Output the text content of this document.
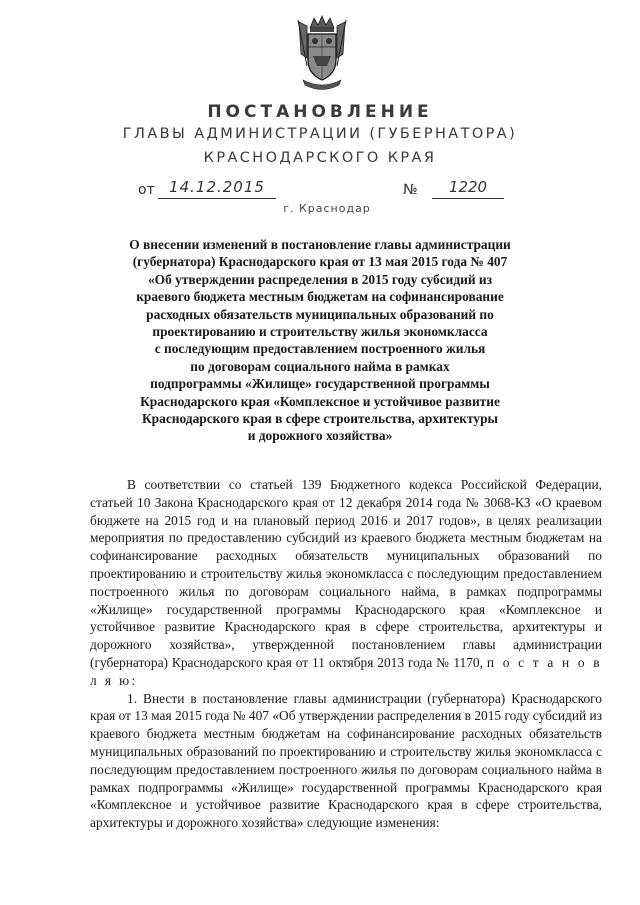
ПОСТАНОВЛЕНИЕ
ГЛАВЫ АДМИНИСТРАЦИИ (ГУБЕРНАТОРА)
КРАСНОДАРСКОГО КРАЯ
от 14.12.2015	№	1220
г. Краснодар
О внесении изменений в постановление главы администрации
(губернатора) Краснодарского края от 13 мая 2015 года № 407
«Об утверждении распределения в 2015 году субсидий из
краевого бюджета местным бюджетам на софинансирование
расходных обязательств муниципальных образований по
проектированию и строительству жилья экономкласса
с последующим предоставлением построенного жилья
по договорам социального найма в рамках
подпрограммы «Жилище» государственной программы
Краснодарского края «Комплексное и устойчивое развитие
Краснодарского края в сфере строительства, архитектуры
и дорожного хозяйства»

В соответствии со статьей 139 Бюджетного кодекса Российской Федерации, статьей 10 Закона Краснодарского края от 12 декабря 2014 года № 3068-КЗ «О краевом бюджете на 2015 год и на плановый период 2016 и 2017 годов», в целях реализации мероприятия по предоставлению субсидий из краевого бюджета местным бюджетам на софинансирование расходных обязательств муниципальных образований по проектированию и строительству жилья экономкласса с последующим предоставлением построенного жилья по договорам социального найма, в рамках подпрограммы «Жилище» государственной программы Краснодарского края «Комплексное и устойчивое развитие Краснодарского края в сфере строительства, архитектуры и дорожного хозяйства», утвержденной постановлением главы администрации (губернатора) Краснодарского края от 11 октября 2013 года № 1170, п о с т а н о в л я ю:

1. Внести в постановление главы администрации (губернатора) Краснодарского края от 13 мая 2015 года № 407 «Об утверждении распределения в 2015 году субсидий из краевого бюджета местным бюджетам на софинансирование расходных обязательств муниципальных образований по проектированию и строительству жилья экономкласса с последующим предоставлением построенного жилья по договорам социального найма в рамках подпрограммы «Жилище» государственной программы Краснодарского края «Комплексное и устойчивое развитие Краснодарского края в сфере строительства, архитектуры и дорожного хозяйства» следующие изменения:
